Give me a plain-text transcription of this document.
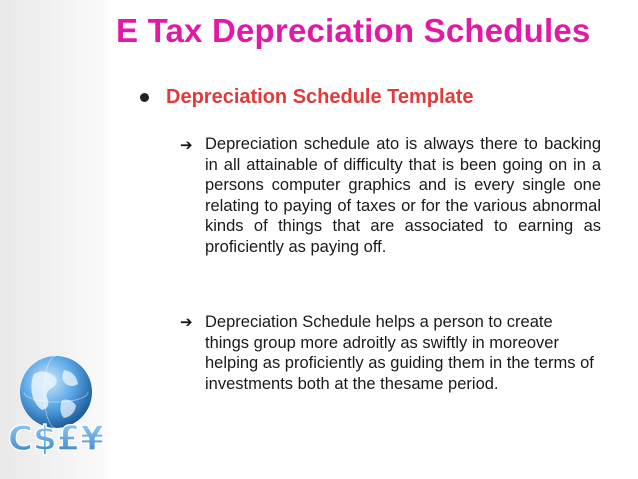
E Tax Depreciation Schedules
Depreciation Schedule Template
➔ Depreciation schedule ato is always there to backing in all attainable of difficulty that is been going on in a persons computer graphics and is every single one relating to paying of taxes or for the various abnormal kinds of things that are associated to earning as proficiently as paying off.
➔ Depreciation Schedule helps a person to create things group more adroitly as swiftly in moreover helping as proficiently as guiding them in the terms of investments both at the thesame period.
C$£¥
